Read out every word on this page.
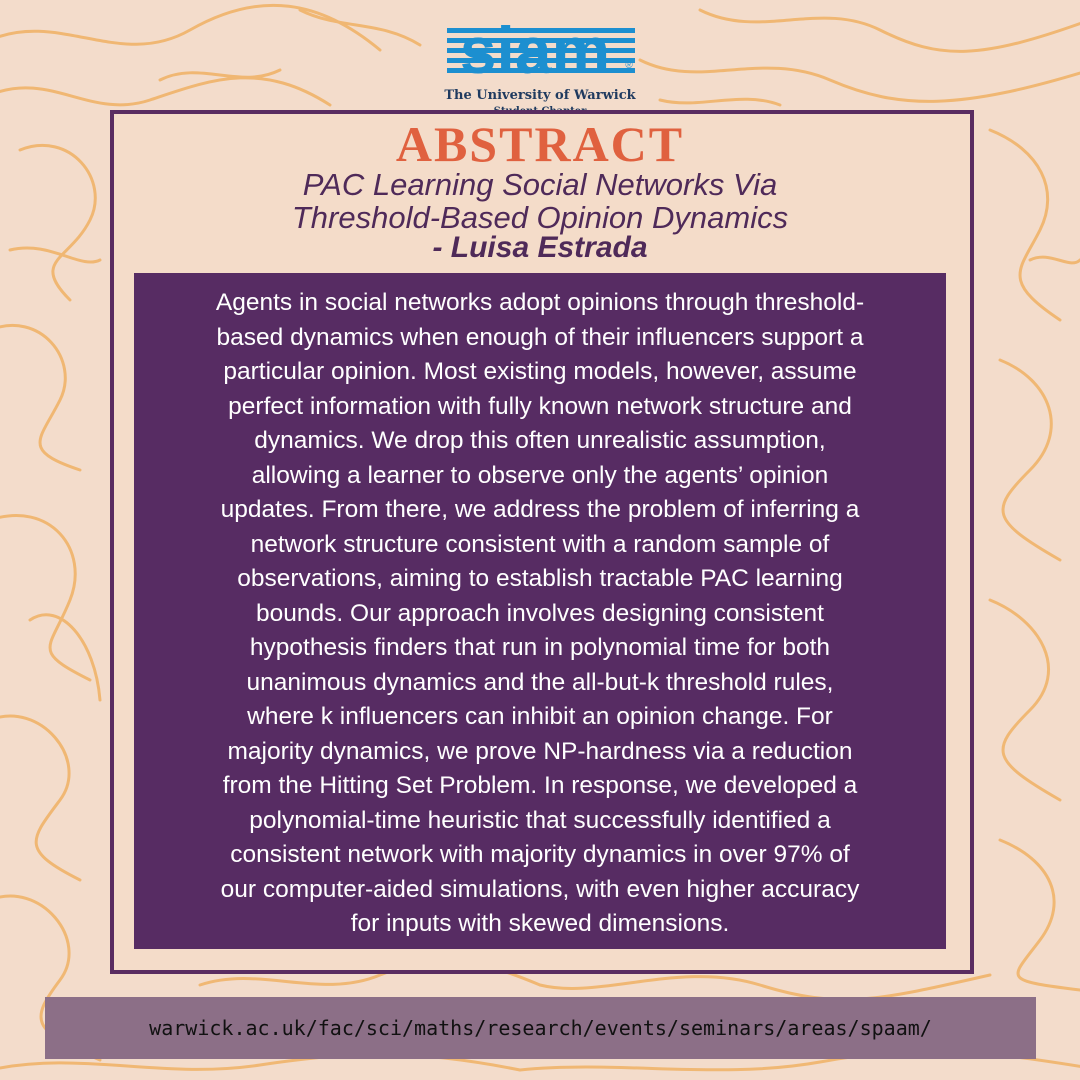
siam ®
The University of Warwick
ABSTRACT
PAC Learning Social Networks Via
Threshold-Based Opinion Dynamics
- Luisa Estrada
Agents in social networks adopt opinions through threshold-
based dynamics when enough of their influencers support a
particular opinion. Most existing models, however, assume
perfect information with fully known network structure and
dynamics. We drop this often unrealistic assumption,
allowing a learner to observe only the agents’ opinion
updates. From there, we address the problem of inferring a
network structure consistent with a random sample of
observations, aiming to establish tractable PAC learning
bounds. Our approach involves designing consistent
hypothesis finders that run in polynomial time for both
unanimous dynamics and the all-but-k threshold rules,
where k influencers can inhibit an opinion change. For
majority dynamics, we prove NP-hardness via a reduction
from the Hitting Set Problem. In response, we developed a
polynomial-time heuristic that successfully identified a
consistent network with majority dynamics in over 97% of
our computer-aided simulations, with even higher accuracy
for inputs with skewed dimensions.
warwick.ac.uk/fac/sci/maths/research/events/seminars/areas/spaam/
